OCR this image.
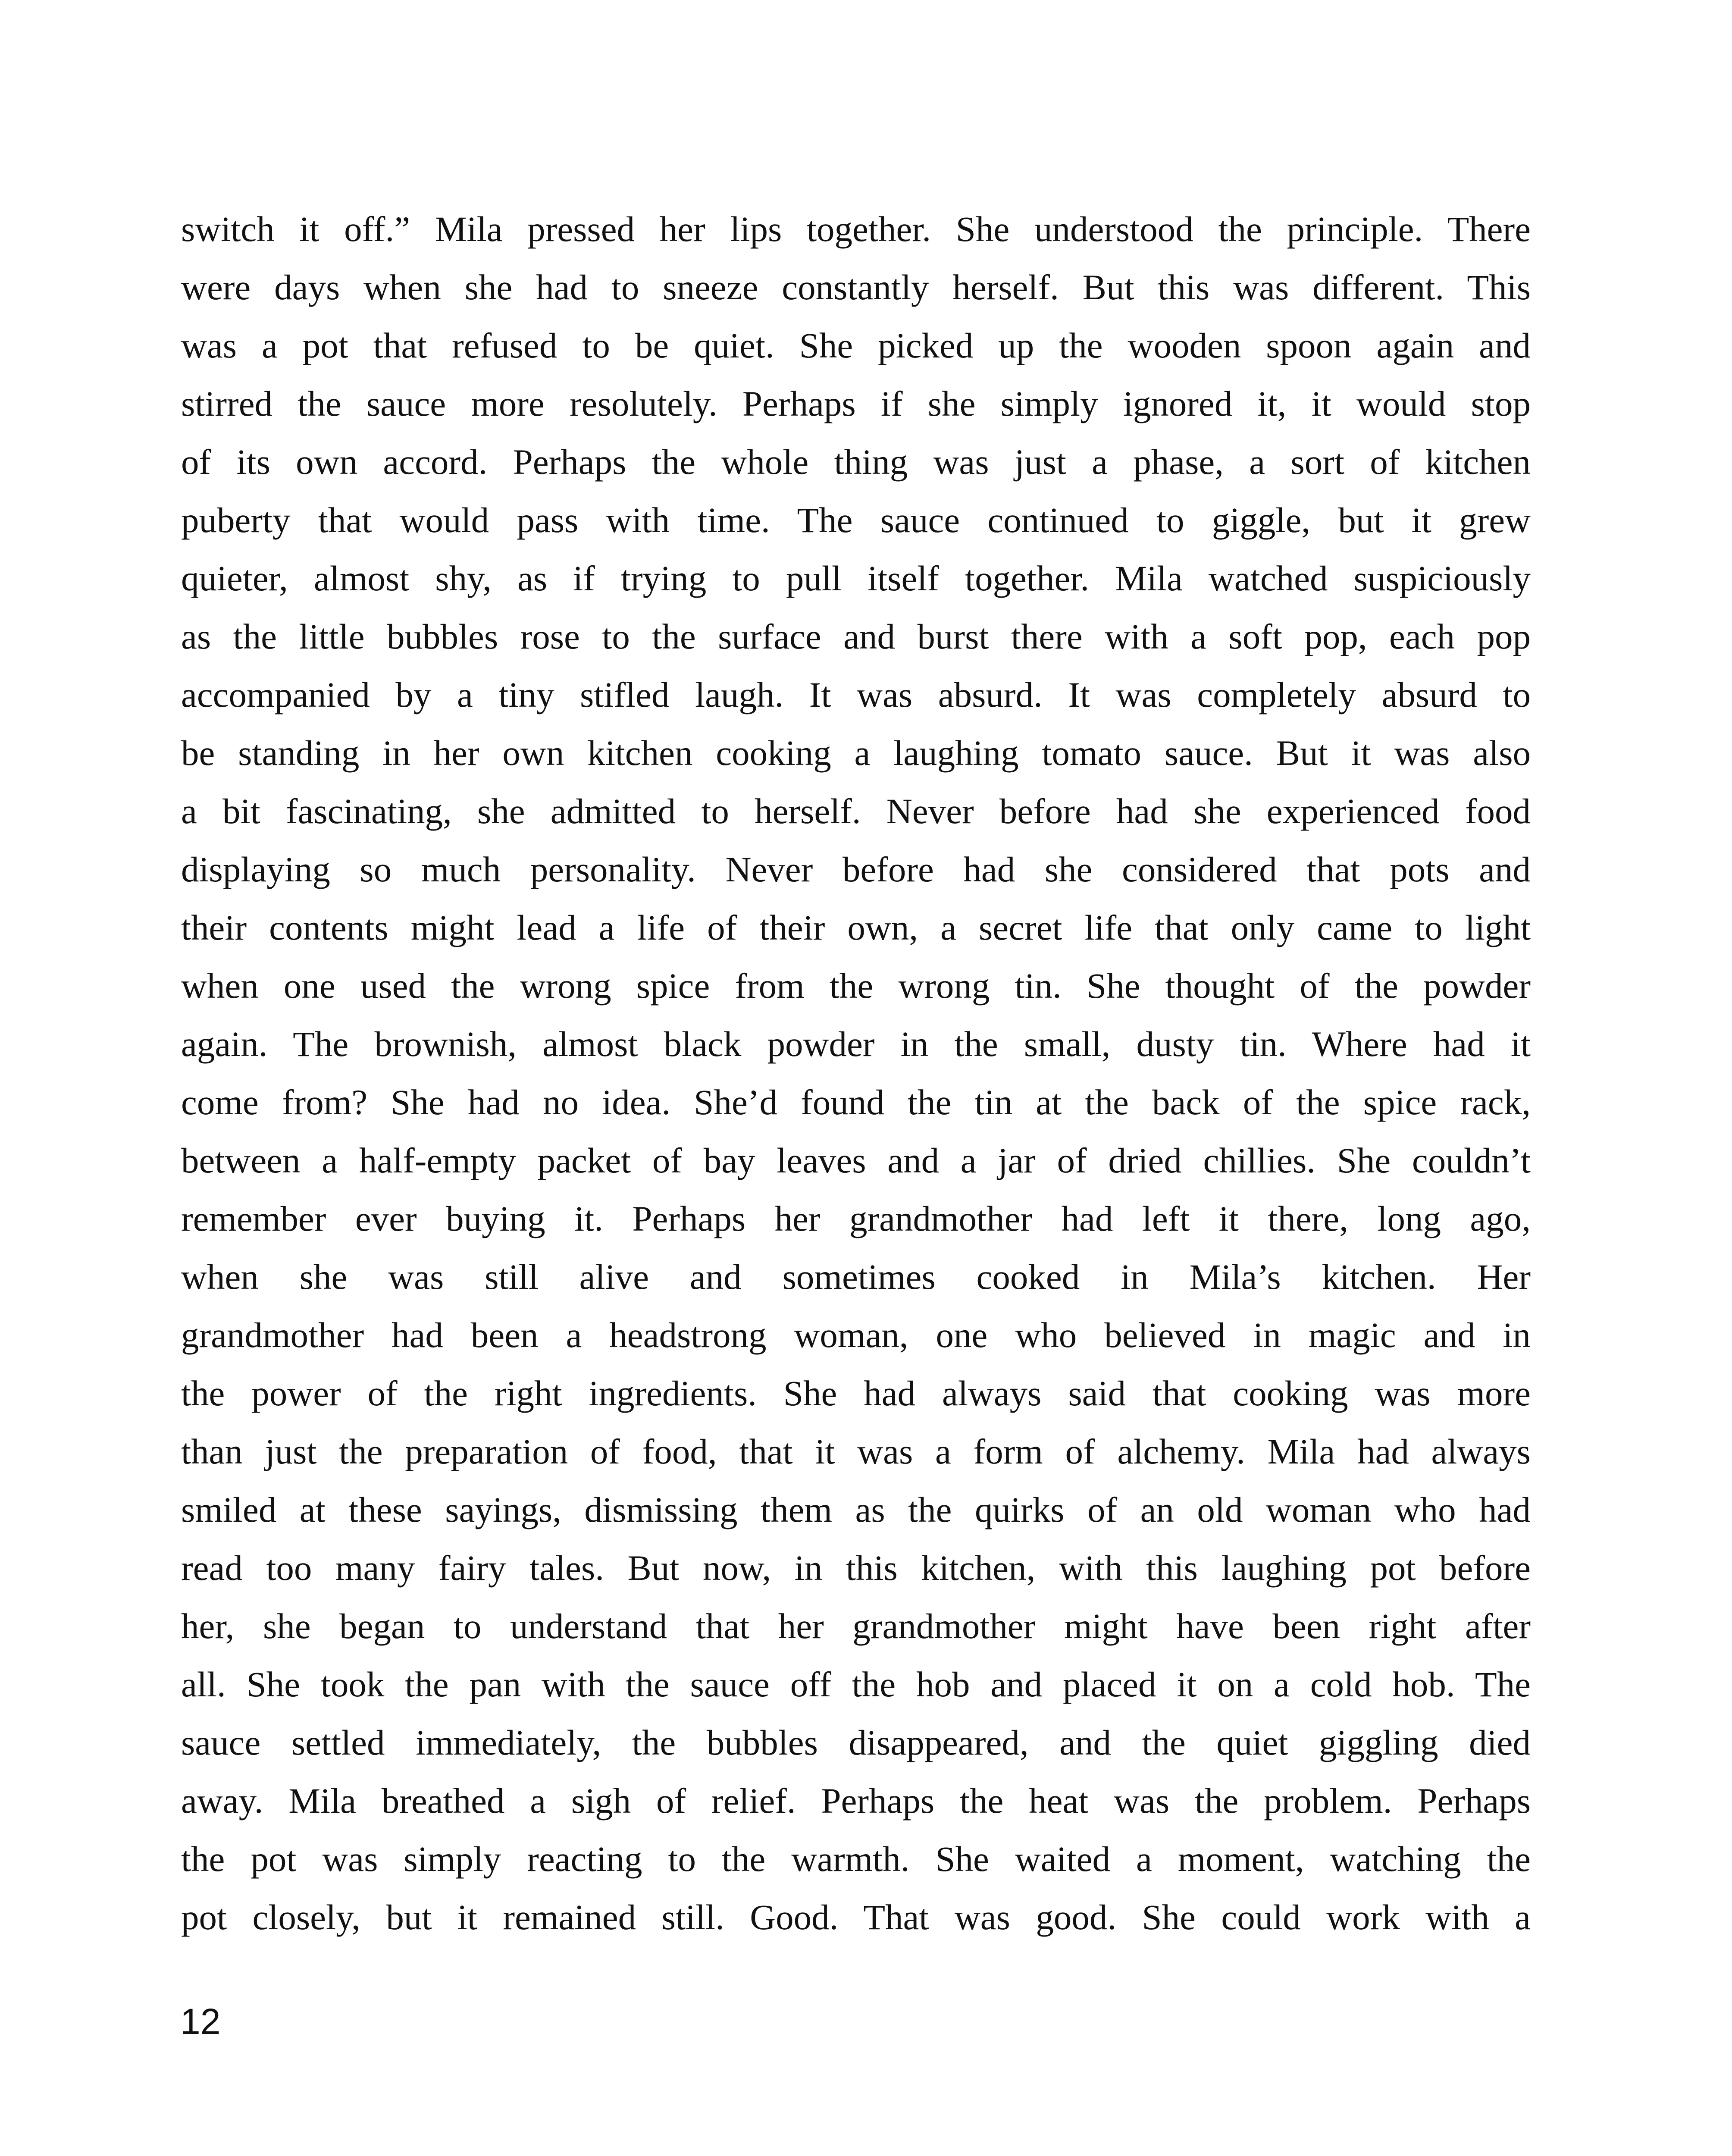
switch it off.” Mila pressed her lips together. She understood the principle. There
were days when she had to sneeze constantly herself. But this was different. This
was a pot that refused to be quiet. She picked up the wooden spoon again and
stirred the sauce more resolutely. Perhaps if she simply ignored it, it would stop
of its own accord. Perhaps the whole thing was just a phase, a sort of kitchen
puberty that would pass with time. The sauce continued to giggle, but it grew
quieter, almost shy, as if trying to pull itself together. Mila watched suspiciously
as the little bubbles rose to the surface and burst there with a soft pop, each pop
accompanied by a tiny stifled laugh. It was absurd. It was completely absurd to
be standing in her own kitchen cooking a laughing tomato sauce. But it was also
a bit fascinating, she admitted to herself. Never before had she experienced food
displaying so much personality. Never before had she considered that pots and
their contents might lead a life of their own, a secret life that only came to light
when one used the wrong spice from the wrong tin. She thought of the powder
again. The brownish, almost black powder in the small, dusty tin. Where had it
come from? She had no idea. She’d found the tin at the back of the spice rack,
between a half-empty packet of bay leaves and a jar of dried chillies. She couldn’t
remember ever buying it. Perhaps her grandmother had left it there, long ago,
when she was still alive and sometimes cooked in Mila’s kitchen. Her
grandmother had been a headstrong woman, one who believed in magic and in
the power of the right ingredients. She had always said that cooking was more
than just the preparation of food, that it was a form of alchemy. Mila had always
smiled at these sayings, dismissing them as the quirks of an old woman who had
read too many fairy tales. But now, in this kitchen, with this laughing pot before
her, she began to understand that her grandmother might have been right after
all. She took the pan with the sauce off the hob and placed it on a cold hob. The
sauce settled immediately, the bubbles disappeared, and the quiet giggling died
away. Mila breathed a sigh of relief. Perhaps the heat was the problem. Perhaps
the pot was simply reacting to the warmth. She waited a moment, watching the
pot closely, but it remained still. Good. That was good. She could work with a
12
